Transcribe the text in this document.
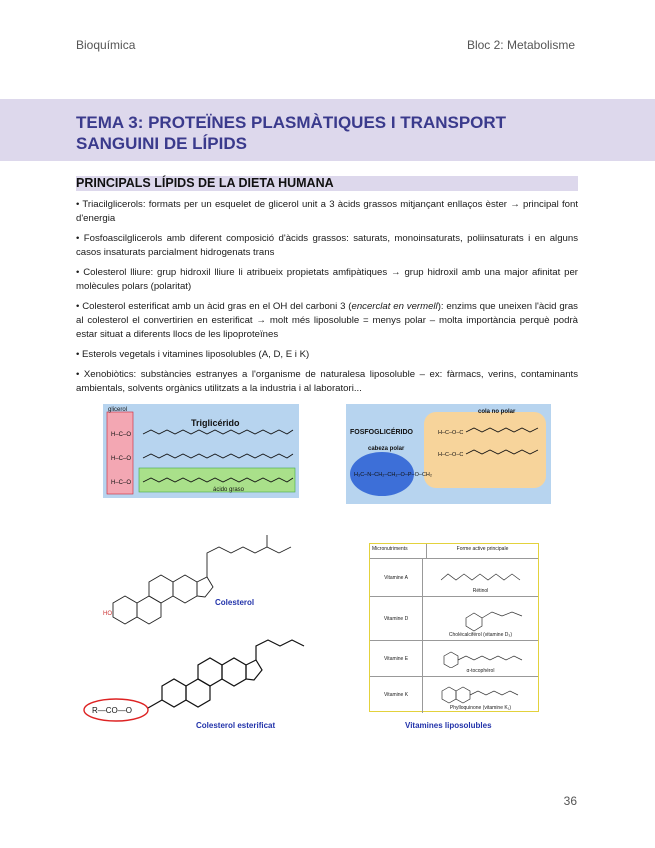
Bioquímica	Bloc 2: Metabolisme
TEMA 3: PROTEÏNES PLASMÀTIQUES I TRANSPORT SANGUINI DE LÍPIDS
PRINCIPALS LÍPIDS DE LA DIETA HUMANA

• Triacilglicerols: formats per un esquelet de glicerol unit a 3 àcids grassos mitjançant enllaços èster → principal font d'energia

• Fosfoascilglicerols amb diferent composició d'àcids grassos: saturats, monoinsaturats, poliinsaturats i en alguns casos insaturats parcialment hidrogenats trans

• Colesterol lliure: grup hidroxil lliure li atribueix propietats amfipàtiques → grup hidroxil amb una major afinitat per molècules polars (polaritat)

• Colesterol esterificat amb un àcid gras en el OH del carboni 3 (encerclat en vermell): enzims que uneixen l'àcid gras al colesterol el convertirien en esterificat → molt més liposoluble = menys polar – molta importància perquè podrà estar situat a diferents llocs de les lipoproteïnes

• Esterols vegetals i vitamines liposolubles (A, D, E i K)

• Xenobiòtics: substàncies estranyes a l'organisme de naturalesa liposoluble – ex: fàrmacs, verins, contaminants ambientals, solvents orgànics utilitzats a la industria i al laboratori...

glicerol
Triglicérido
H–C–O
H–C–O
H–C–O
ácido graso
cola no polar
FOSFOGLICÉRIDO
cabeza polar
H–C–O–C
H–C–O–C
H₃C–N–CH₂–CH₂–O–P–O–CH₂
HO
Colesterol
R—CO—O
Colesterol esterificat
Micronutriments	Forme active principale
Vitamine A
Rétinol
Vitamine D
Cholécalciférol (vitamine D₃)
Vitamine E
α-tocophérol
Vitamine K
Phylloquinone (vitamine K₁)
Vitamines liposolubles
36
